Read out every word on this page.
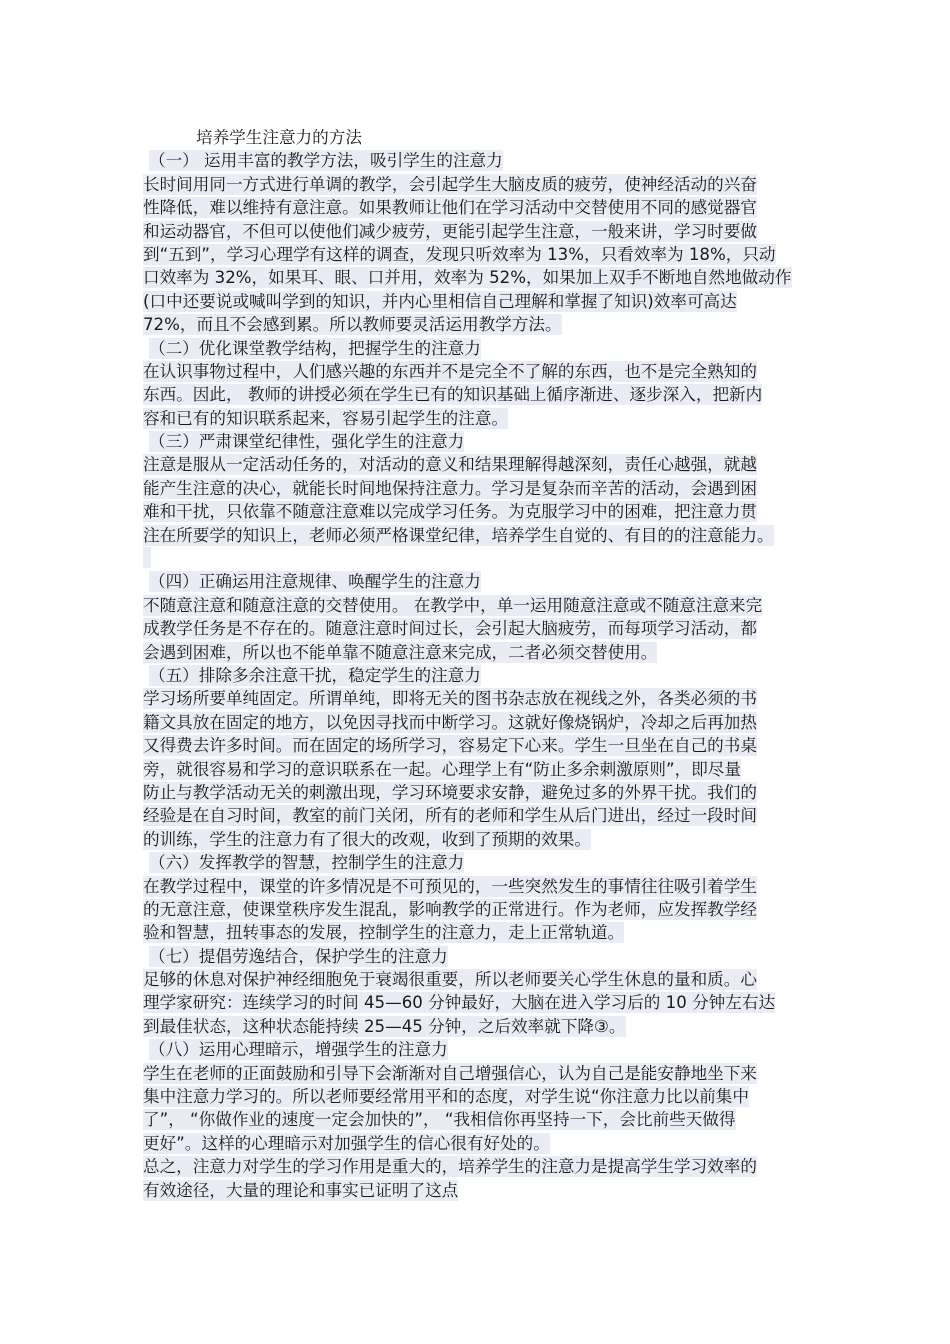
培养学生注意力的方法
（一） 运用丰富的教学方法，吸引学生的注意力
长时间用同一方式进行单调的教学，会引起学生大脑皮质的疲劳，使神经活动的兴奋
性降低，难以维持有意注意。如果教师让他们在学习活动中交替使用不同的感觉器官
和运动器官，不但可以使他们减少疲劳，更能引起学生注意，一般来讲，学习时要做
到“五到”，学习心理学有这样的调查，发现只听效率为 13%，只看效率为 18%，只动
口效率为 32%，如果耳、眼、口并用，效率为 52%，如果加上双手不断地自然地做动作
(口中还要说或喊叫学到的知识，并内心里相信自己理解和掌握了知识)效率可高达
72%，而且不会感到累。所以教师要灵活运用教学方法。
（二）优化课堂教学结构，把握学生的注意力
在认识事物过程中，人们感兴趣的东西并不是完全不了解的东西，也不是完全熟知的
东西。因此， 教师的讲授必须在学生已有的知识基础上循序渐进、逐步深入，把新内
容和已有的知识联系起来，容易引起学生的注意。
（三）严肃课堂纪律性，强化学生的注意力
注意是服从一定活动任务的，对活动的意义和结果理解得越深刻，责任心越强，就越
能产生注意的决心，就能长时间地保持注意力。学习是复杂而辛苦的活动，会遇到困
难和干扰，只依靠不随意注意难以完成学习任务。为克服学习中的困难，把注意力贯
注在所要学的知识上，老师必须严格课堂纪律，培养学生自觉的、有目的的注意能力。
（四）正确运用注意规律、唤醒学生的注意力
不随意注意和随意注意的交替使用。 在教学中，单一运用随意注意或不随意注意来完
成教学任务是不存在的。随意注意时间过长，会引起大脑疲劳，而每项学习活动，都
会遇到困难，所以也不能单靠不随意注意来完成，二者必须交替使用。
（五）排除多余注意干扰，稳定学生的注意力
学习场所要单纯固定。所谓单纯，即将无关的图书杂志放在视线之外，各类必须的书
籍文具放在固定的地方，以免因寻找而中断学习。这就好像烧锅炉，冷却之后再加热
又得费去许多时间。而在固定的场所学习，容易定下心来。学生一旦坐在自己的书桌
旁，就很容易和学习的意识联系在一起。心理学上有“防止多余刺激原则”，即尽量
防止与教学活动无关的刺激出现，学习环境要求安静，避免过多的外界干扰。我们的
经验是在自习时间，教室的前门关闭，所有的老师和学生从后门进出，经过一段时间
的训练，学生的注意力有了很大的改观，收到了预期的效果。
（六）发挥教学的智慧，控制学生的注意力
在教学过程中，课堂的许多情况是不可预见的，一些突然发生的事情往往吸引着学生
的无意注意，使课堂秩序发生混乱，影响教学的正常进行。作为老师，应发挥教学经
验和智慧，扭转事态的发展，控制学生的注意力，走上正常轨道。
（七）提倡劳逸结合，保护学生的注意力
足够的休息对保护神经细胞免于衰竭很重要，所以老师要关心学生休息的量和质。心
理学家研究：连续学习的时间 45—60 分钟最好，大脑在进入学习后的 10 分钟左右达
到最佳状态，这种状态能持续 25—45 分钟，之后效率就下降③。
（八）运用心理暗示，增强学生的注意力
学生在老师的正面鼓励和引导下会渐渐对自己增强信心，认为自己是能安静地坐下来
集中注意力学习的。所以老师要经常用平和的态度，对学生说“你注意力比以前集中
了”， “你做作业的速度一定会加快的”， “我相信你再坚持一下，会比前些天做得
更好”。这样的心理暗示对加强学生的信心很有好处的。
总之，注意力对学生的学习作用是重大的，培养学生的注意力是提高学生学习效率的
有效途径，大量的理论和事实已证明了这点
